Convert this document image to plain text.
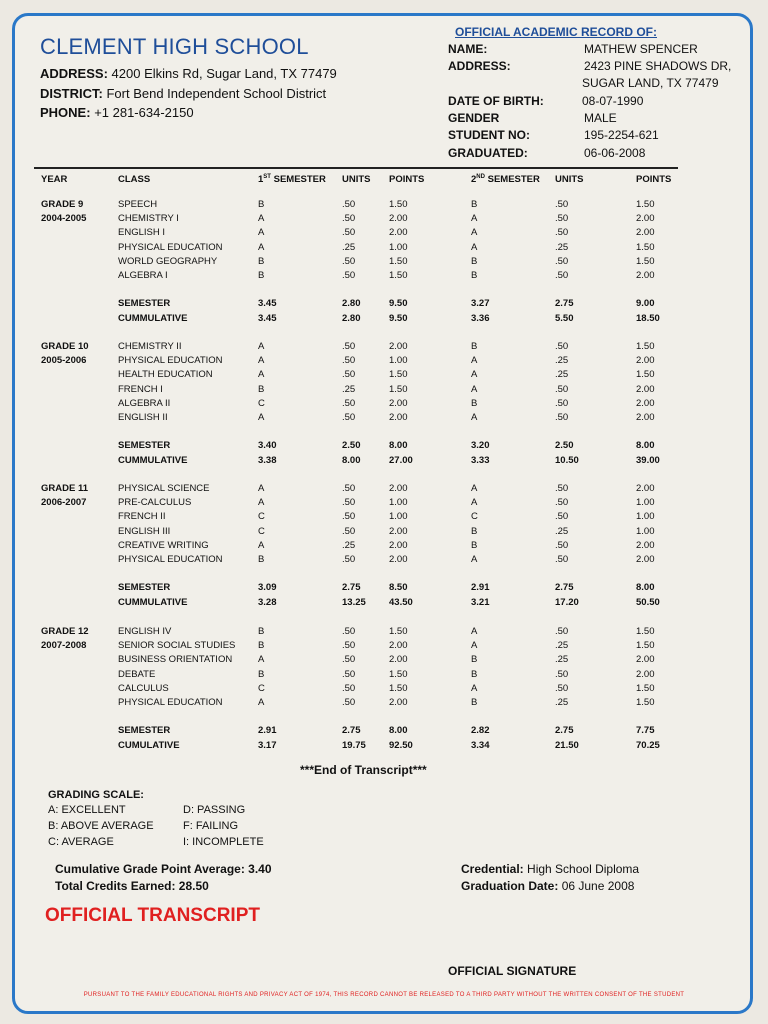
CLEMENT HIGH SCHOOL
ADDRESS: 4200 Elkins Rd, Sugar Land, TX 77479
DISTRICT: Fort Bend Independent School District
PHONE: +1 281-634-2150
OFFICIAL ACADEMIC RECORD OF:
NAME:	MATHEW SPENCER
ADDRESS:	2423 PINE SHADOWS DR,
SUGAR LAND, TX 77479
DATE OF BIRTH:	08-07-1990
GENDER	MALE
STUDENT NO:	195-2254-621
GRADUATED:	06-06-2008
YEAR	CLASS	1ST SEMESTER UNITS POINTS	2ND SEMESTER UNITS	POINTS
GRADE 9
2004-2005
SPEECH	B	.50	1.50	B	.50	1.50
CHEMISTRY I	A	.50	2.00	A	.50	2.00
ENGLISH I	A	.50	2.00	A	.50	2.00
PHYSICAL EDUCATION	A	.25	1.00	A	.25	1.50
WORLD GEOGRAPHY	B	.50	1.50	B	.50	1.50
ALGEBRA I	B	.50	1.50	B	.50	2.00
SEMESTER	3.45	2.80	9.50	3.27	2.75	9.00
CUMMULATIVE	3.45	2.80	9.50	3.36	5.50	18.50
GRADE 10
2005-2006
CHEMISTRY II	A	.50	2.00	B	.50	1.50
PHYSICAL EDUCATION	A	.50	1.00	A	.25	2.00
HEALTH EDUCATION	A	.50	1.50	A	.25	1.50
FRENCH I	B	.25	1.50	A	.50	2.00
ALGEBRA II	C	.50	2.00	B	.50	2.00
ENGLISH II	A	.50	2.00	A	.50	2.00
SEMESTER	3.40	2.50	8.00	3.20	2.50	8.00
CUMMULATIVE	3.38	8.00	27.00	3.33	10.50	39.00
GRADE 11
2006-2007
PHYSICAL SCIENCE	A	.50	2.00	A	.50	2.00
PRE-CALCULUS	A	.50	1.00	A	.50	1.00
FRENCH II	C	.50	1.00	C	.50	1.00
ENGLISH III	C	.50	2.00	B	.25	1.00
CREATIVE WRITING	A	.25	2.00	B	.50	2.00
PHYSICAL EDUCATION	B	.50	2.00	A	.50	2.00
SEMESTER	3.09	2.75	8.50	2.91	2.75	8.00
CUMMULATIVE	3.28	13.25 43.50	3.21	17.20	50.50
GRADE 12
2007-2008
ENGLISH IV	B	.50	1.50	A	.50	1.50
SENIOR SOCIAL STUDIES B	.50	2.00	A	.25	1.50
BUSINESS ORIENTATION	A	.50	2.00	B	.25	2.00
DEBATE	B	.50	1.50	B	.50	2.00
CALCULUS	C	.50	1.50	A	.50	1.50
PHYSICAL EDUCATION	A	.50	2.00	B	.25	1.50
SEMESTER	2.91	2.75	8.00	2.82	2.75	7.75
CUMULATIVE	3.17	19.75 92.50	3.34	21.50	70.25
***End of Transcript***
GRADING SCALE:
A: EXCELLENT
B: ABOVE AVERAGE
C: AVERAGE
D: PASSING
F: FAILING
I: INCOMPLETE
Cumulative Grade Point Average: 3.40
Total Credits Earned: 28.50
Credential: High School Diploma
Graduation Date: 06 June 2008
OFFICIAL TRANSCRIPT
OFFICIAL SIGNATURE
PURSUANT TO THE FAMILY EDUCATIONAL RIGHTS AND PRIVACY ACT OF 1974, THIS RECORD CANNOT BE RELEASED TO A THIRD PARTY WITHOUT THE WRITTEN CONSENT OF THE STUDENT
